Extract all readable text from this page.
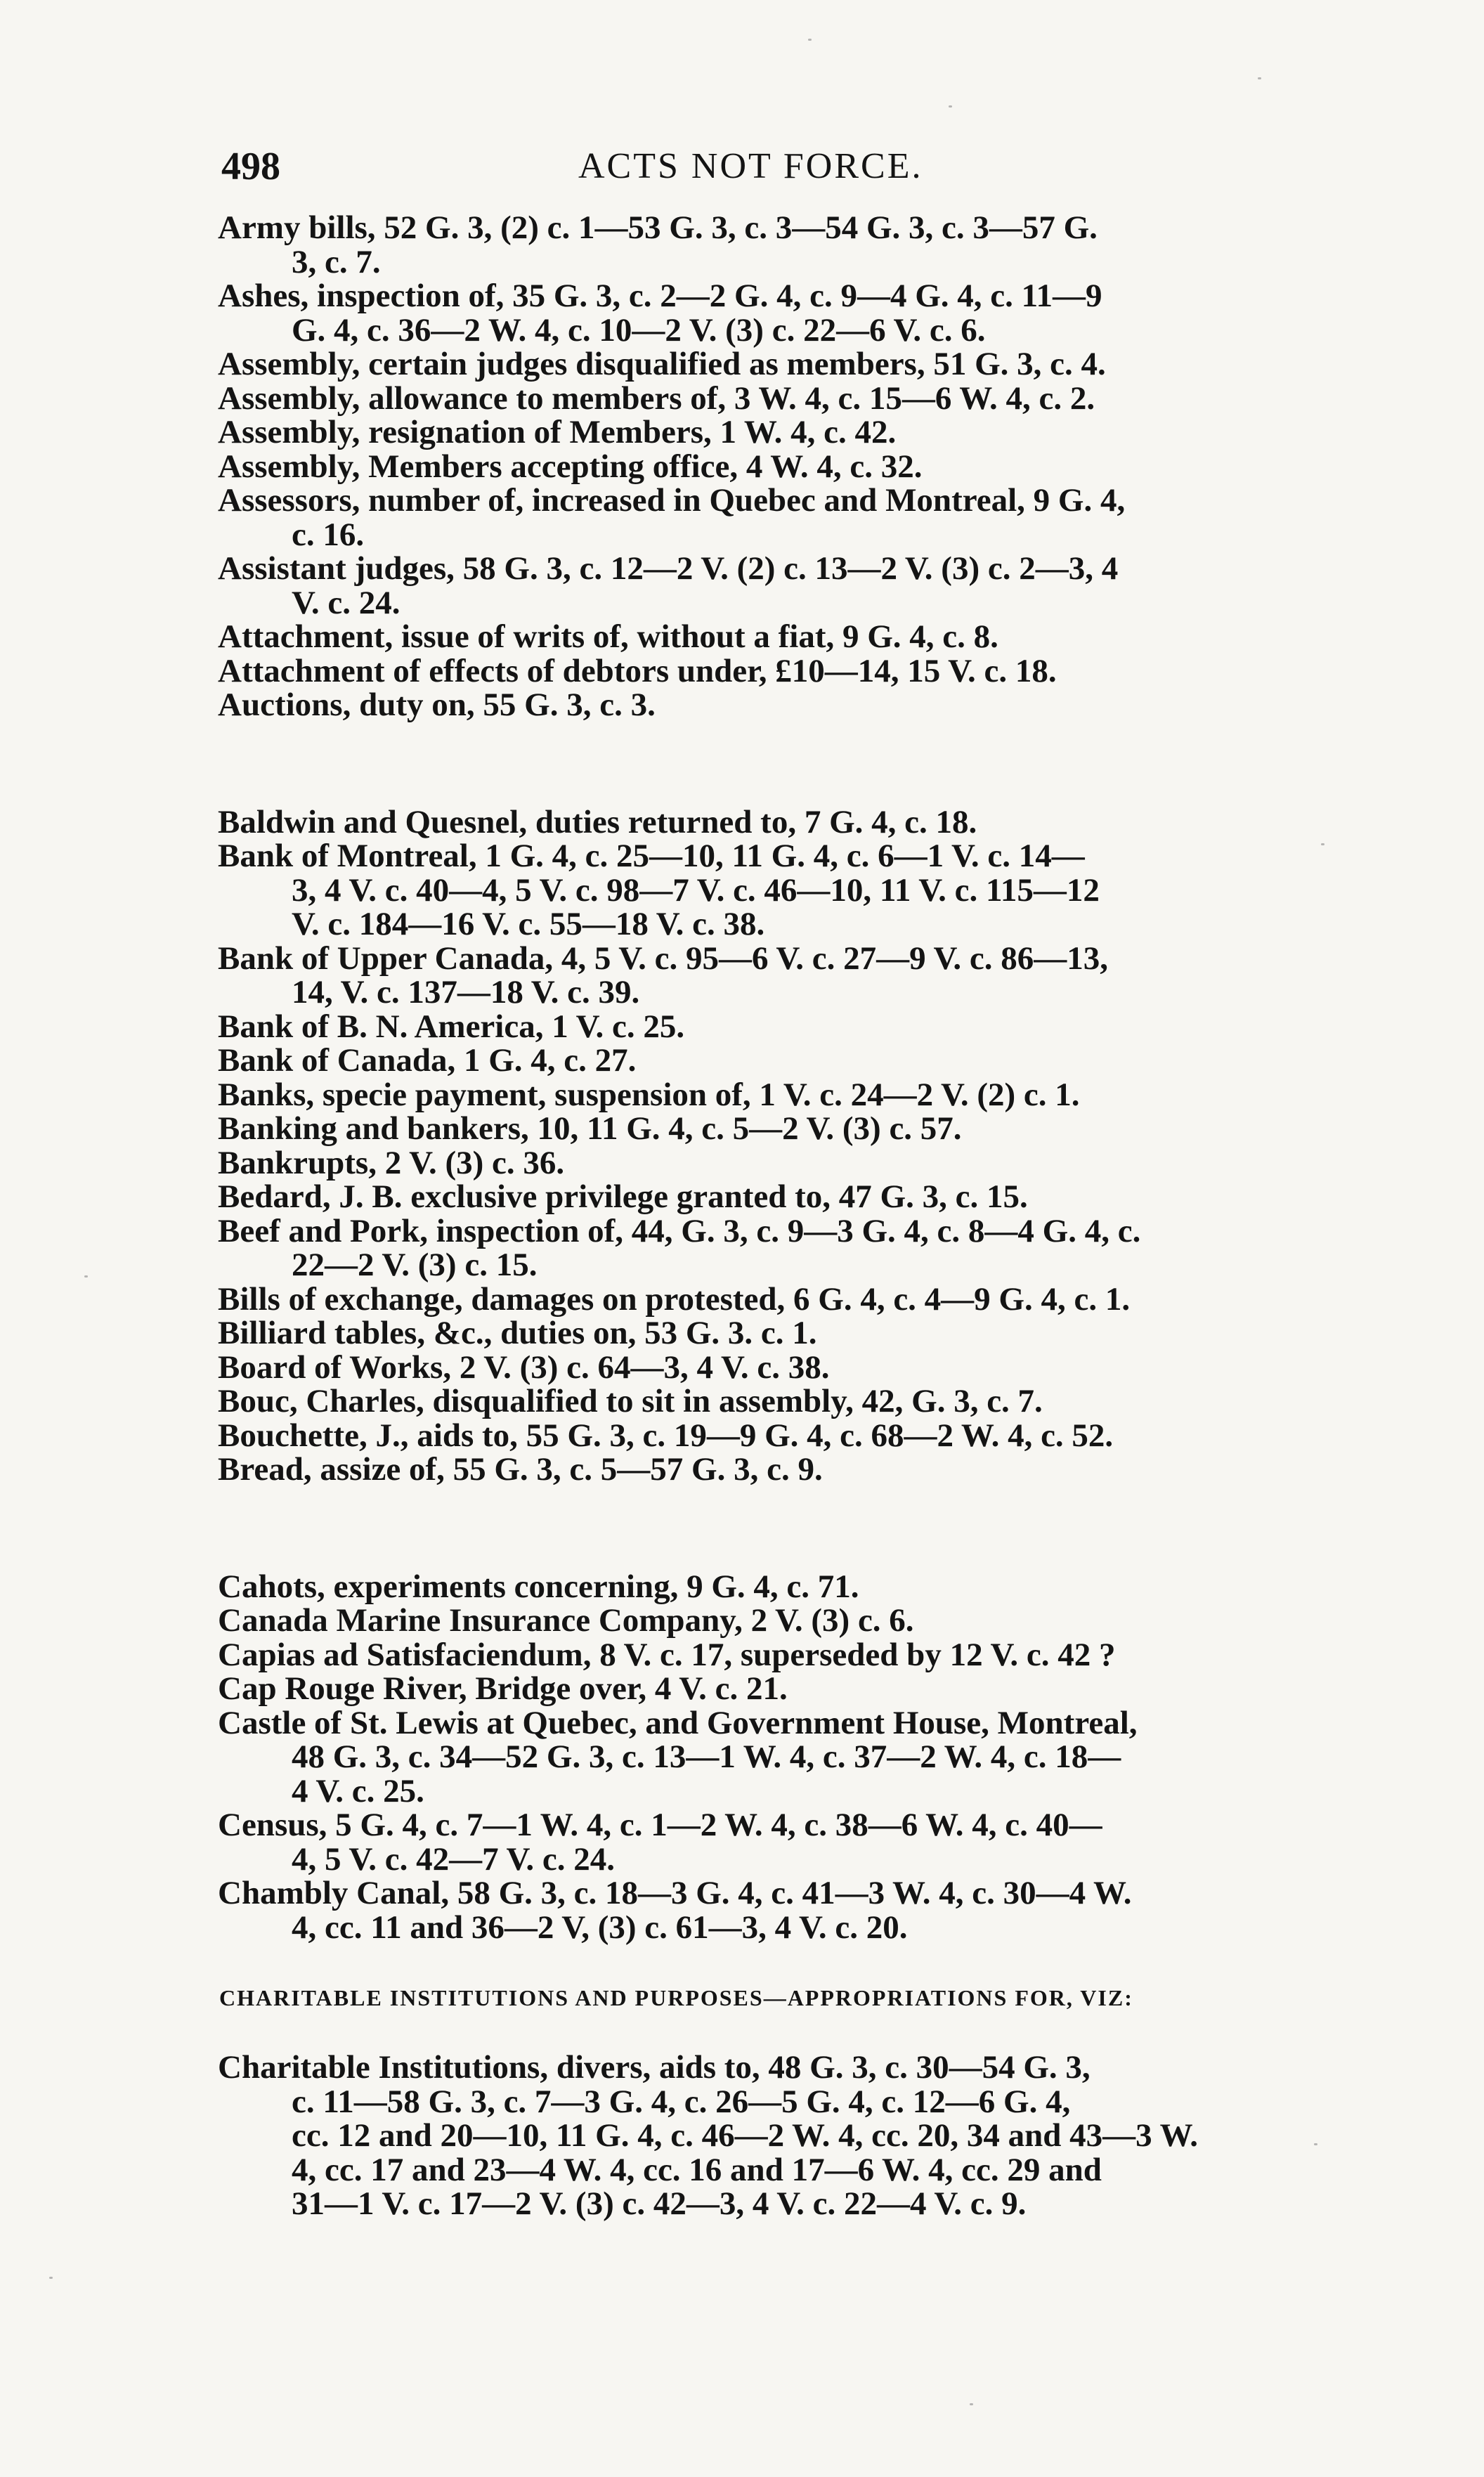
498	ACTS NOT FORCE.
Army bills, 52 G. 3, (2) c. 1—53 G. 3, c. 3—54 G. 3, c. 3—57 G.
3, c. 7.
Ashes, inspection of, 35 G. 3, c. 2—2 G. 4, c. 9—4 G. 4, c. 11—9
G. 4, c. 36—2 W. 4, c. 10—2 V. (3) c. 22—6 V. c. 6.
Assembly, certain judges disqualified as members, 51 G. 3, c. 4.
Assembly, allowance to members of, 3 W. 4, c. 15—6 W. 4, c. 2.
Assembly, resignation of Members, 1 W. 4, c. 42.
Assembly, Members accepting office, 4 W. 4, c. 32.
Assessors, number of, increased in Quebec and Montreal, 9 G. 4,
c. 16.
Assistant judges, 58 G. 3, c. 12—2 V. (2) c. 13—2 V. (3) c. 2—3, 4
V. c. 24.
Attachment, issue of writs of, without a fiat, 9 G. 4, c. 8.
Attachment of effects of debtors under, £10—14, 15 V. c. 18.
Auctions, duty on, 55 G. 3, c. 3.
Baldwin and Quesnel, duties returned to, 7 G. 4, c. 18.
Bank of Montreal, 1 G. 4, c. 25—10, 11 G. 4, c. 6—1 V. c. 14—
3, 4 V. c. 40—4, 5 V. c. 98—7 V. c. 46—10, 11 V. c. 115—12
V. c. 184—16 V. c. 55—18 V. c. 38.
Bank of Upper Canada, 4, 5 V. c. 95—6 V. c. 27—9 V. c. 86—13,
14, V. c. 137—18 V. c. 39.
Bank of B. N. America, 1 V. c. 25.
Bank of Canada, 1 G. 4, c. 27.
Banks, specie payment, suspension of, 1 V. c. 24—2 V. (2) c. 1.
Banking and bankers, 10, 11 G. 4, c. 5—2 V. (3) c. 57.
Bankrupts, 2 V. (3) c. 36.
Bedard, J. B. exclusive privilege granted to, 47 G. 3, c. 15.
Beef and Pork, inspection of, 44, G. 3, c. 9—3 G. 4, c. 8—4 G. 4, c.
22—2 V. (3) c. 15.
Bills of exchange, damages on protested, 6 G. 4, c. 4—9 G. 4, c. 1.
Billiard tables, &c., duties on, 53 G. 3. c. 1.
Board of Works, 2 V. (3) c. 64—3, 4 V. c. 38.
Bouc, Charles, disqualified to sit in assembly, 42, G. 3, c. 7.
Bouchette, J., aids to, 55 G. 3, c. 19—9 G. 4, c. 68—2 W. 4, c. 52.
Bread, assize of, 55 G. 3, c. 5—57 G. 3, c. 9.
Cahots, experiments concerning, 9 G. 4, c. 71.
Canada Marine Insurance Company, 2 V. (3) c. 6.
Capias ad Satisfaciendum, 8 V. c. 17, superseded by 12 V. c. 42 ?
Cap Rouge River, Bridge over, 4 V. c. 21.
Castle of St. Lewis at Quebec, and Government House, Montreal,
48 G. 3, c. 34—52 G. 3, c. 13—1 W. 4, c. 37—2 W. 4, c. 18—
4 V. c. 25.
Census, 5 G. 4, c. 7—1 W. 4, c. 1—2 W. 4, c. 38—6 W. 4, c. 40—
4, 5 V. c. 42—7 V. c. 24.
Chambly Canal, 58 G. 3, c. 18—3 G. 4, c. 41—3 W. 4, c. 30—4 W.
4, cc. 11 and 36—2 V, (3) c. 61—3, 4 V. c. 20.
CHARITABLE INSTITUTIONS AND PURPOSES—APPROPRIATIONS FOR, VIZ:
Charitable Institutions, divers, aids to, 48 G. 3, c. 30—54 G. 3,
c. 11—58 G. 3, c. 7—3 G. 4, c. 26—5 G. 4, c. 12—6 G. 4,
cc. 12 and 20—10, 11 G. 4, c. 46—2 W. 4, cc. 20, 34 and 43—3 W.
4, cc. 17 and 23—4 W. 4, cc. 16 and 17—6 W. 4, cc. 29 and
31—1 V. c. 17—2 V. (3) c. 42—3, 4 V. c. 22—4 V. c. 9.
